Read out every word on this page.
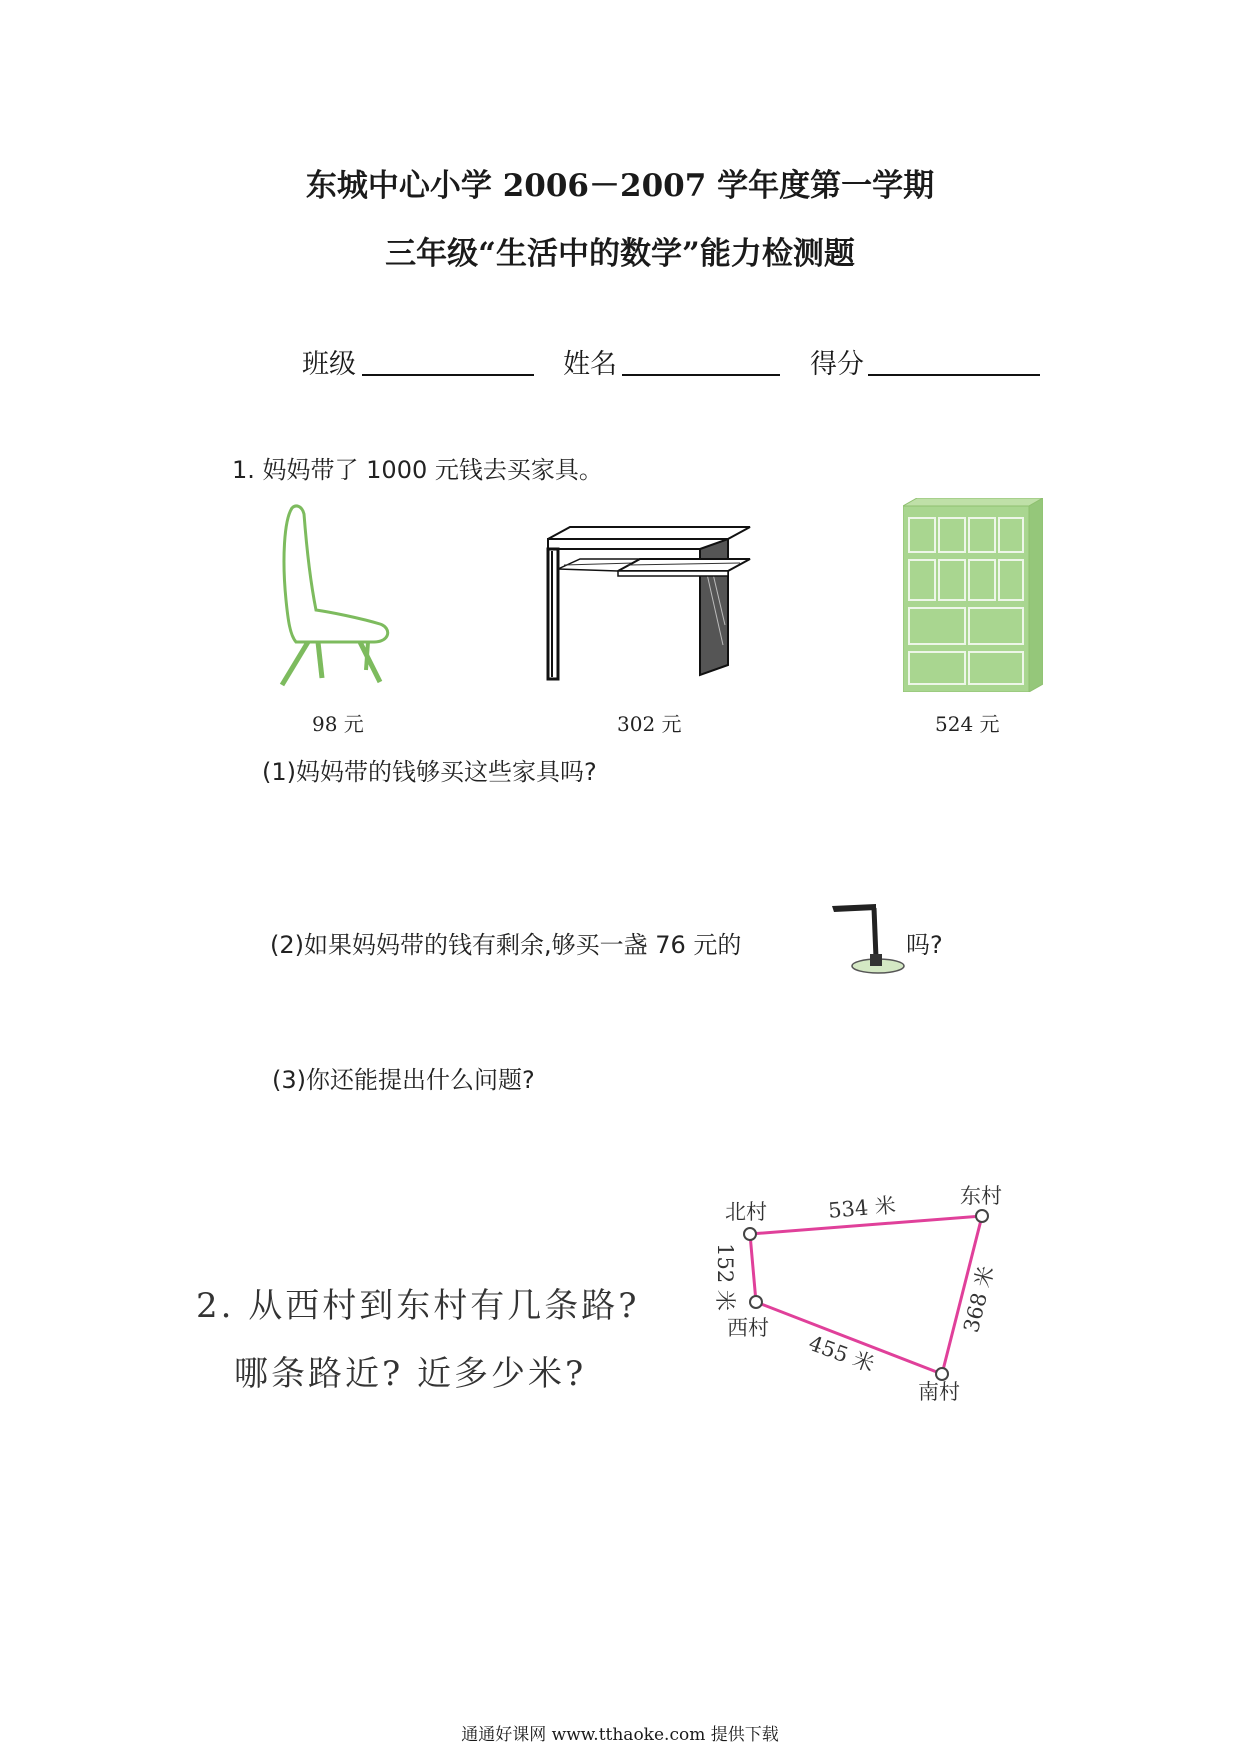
东城中心小学 2006－2007 学年度第一学期
三年级“生活中的数学”能力检测题
班级	姓名	得分
1. 妈妈带了 1000 元钱去买家具。
98 元	302 元	524 元
(1)妈妈带的钱够买这些家具吗?
(2)如果妈妈带的钱有剩余,够买一盏 76 元的	吗?
(3)你还能提出什么问题?
2. 从西村到东村有几条路?
哪条路近? 近多少米?
北村
东村
西村
南村
534 米
152 米
455 米
368 米
通通好课网 www.tthaoke.com 提供下载
